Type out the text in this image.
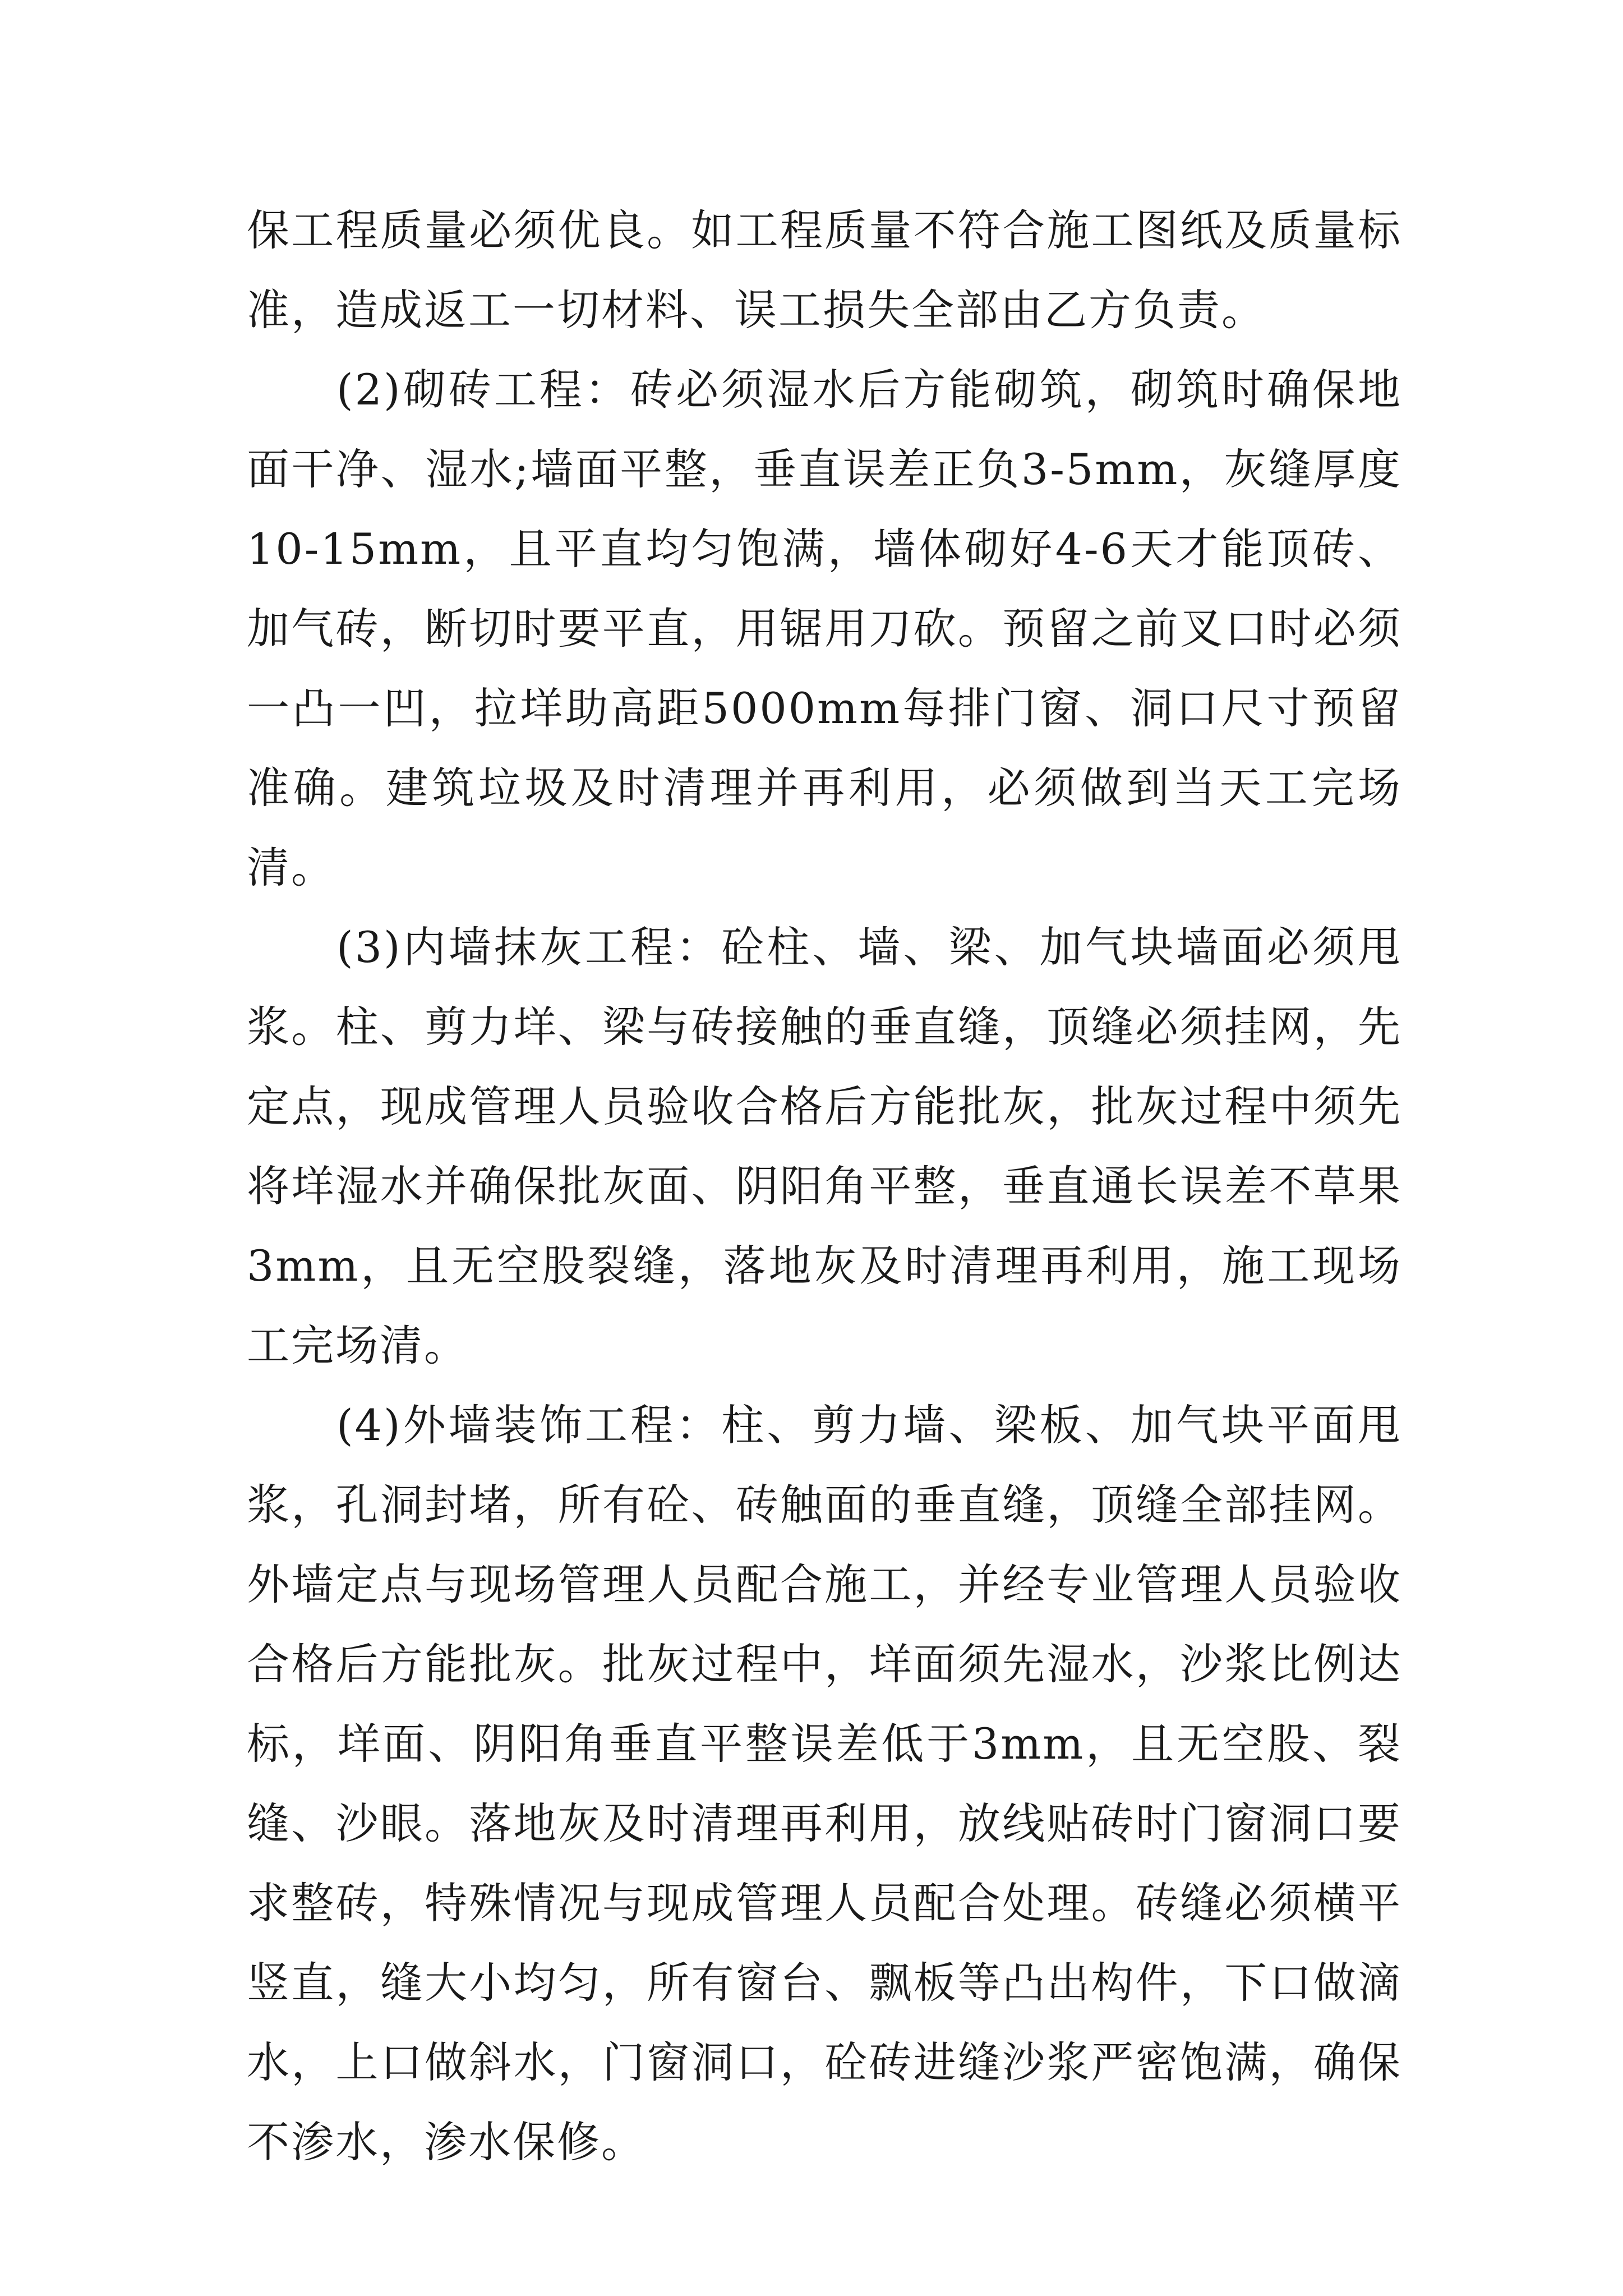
保工程质量必须优良。如工程质量不符合施工图纸及质量标准，造成返工一切材料、误工损失全部由乙方负责。

(2)砌砖工程：砖必须湿水后方能砌筑，砌筑时确保地面干净、湿水;墙面平整，垂直误差正负3-5mm，灰缝厚度10-15mm，且平直均匀饱满，墙体砌好4-6天才能顶砖、加气砖，断切时要平直，用锯用刀砍。预留之前叉口时必须一凸一凹，拉垟助高距5000mm每排门窗、洞口尺寸预留准确。建筑垃圾及时清理并再利用，必须做到当天工完场清。

(3)内墙抹灰工程：砼柱、墙、梁、加气块墙面必须甩浆。柱、剪力垟、梁与砖接触的垂直缝，顶缝必须挂网，先定点，现成管理人员验收合格后方能批灰，批灰过程中须先将垟湿水并确保批灰面、阴阳角平整，垂直通长误差不草果3mm，且无空股裂缝，落地灰及时清理再利用，施工现场工完场清。

(4)外墙装饰工程：柱、剪力墙、梁板、加气块平面甩浆，孔洞封堵，所有砼、砖触面的垂直缝，顶缝全部挂网。外墙定点与现场管理人员配合施工，并经专业管理人员验收合格后方能批灰。批灰过程中，垟面须先湿水，沙浆比例达标，垟面、阴阳角垂直平整误差低于3mm，且无空股、裂缝、沙眼。落地灰及时清理再利用，放线贴砖时门窗洞口要求整砖，特殊情况与现成管理人员配合处理。砖缝必须横平竖直，缝大小均匀，所有窗台、飘板等凸出构件，下口做滴水，上口做斜水，门窗洞口，砼砖进缝沙浆严密饱满，确保不渗水，渗水保修。
